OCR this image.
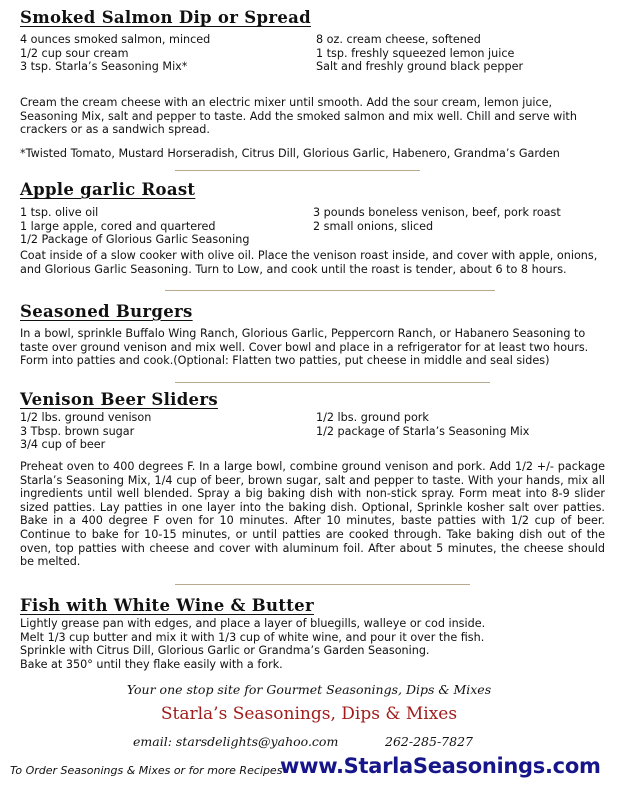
Smoked Salmon Dip or Spread
4 ounces smoked salmon, minced
1/2 cup sour cream
3 tsp. Starla’s Seasoning Mix*
8 oz. cream cheese, softened
1 tsp. freshly squeezed lemon juice
Salt and freshly ground black pepper
Cream the cream cheese with an electric mixer until smooth. Add the sour cream, lemon juice, Seasoning Mix, salt and pepper to taste. Add the smoked salmon and mix well. Chill and serve with crackers or as a sandwich spread.
*Twisted Tomato, Mustard Horseradish, Citrus Dill, Glorious Garlic, Habenero, Grandma’s Garden
Apple garlic Roast
1 tsp. olive oil
1 large apple, cored and quartered
1/2 Package of Glorious Garlic Seasoning
3 pounds boneless venison, beef, pork roast
2 small onions, sliced
Coat inside of a slow cooker with olive oil. Place the venison roast inside, and cover with apple, onions, and Glorious Garlic Seasoning. Turn to Low, and cook until the roast is tender, about 6 to 8 hours.
Seasoned Burgers
In a bowl, sprinkle Buffalo Wing Ranch, Glorious Garlic, Peppercorn Ranch, or Habanero Seasoning to taste over ground venison and mix well. Cover bowl and place in a refrigerator for at least two hours. Form into patties and cook.(Optional: Flatten two patties, put cheese in middle and seal sides)
Venison Beer Sliders
1/2 lbs. ground venison
3 Tbsp. brown sugar
3/4 cup of beer
1/2 lbs. ground pork
1/2 package of Starla’s Seasoning Mix
Preheat oven to 400 degrees F. In a large bowl, combine ground venison and pork. Add 1/2 +/- package Starla’s Seasoning Mix, 1/4 cup of beer, brown sugar, salt and pepper to taste. With your hands, mix all ingredients until well blended. Spray a big baking dish with non-stick spray. Form meat into 8-9 slider sized patties. Lay patties in one layer into the baking dish. Optional, Sprinkle kosher salt over patties. Bake in a 400 degree F oven for 10 minutes. After 10 minutes, baste patties with 1/2 cup of beer. Continue to bake for 10-15 minutes, or until patties are cooked through. Take baking dish out of the oven, top patties with cheese and cover with aluminum foil. After about 5 minutes, the cheese should be melted.
Fish with White Wine & Butter
Lightly grease pan with edges, and place a layer of bluegills, walleye or cod inside.
Melt 1/3 cup butter and mix it with 1/3 cup of white wine, and pour it over the fish.
Sprinkle with Citrus Dill, Glorious Garlic or Grandma’s Garden Seasoning.
Bake at 350° until they flake easily with a fork.
Your one stop site for Gourmet Seasonings, Dips & Mixes
Starla’s Seasonings, Dips & Mixes
email: starsdelights@yahoo.com	262-285-7827
To Order Seasonings & Mixes or for more Recipes
www.StarlaSeasonings.com
